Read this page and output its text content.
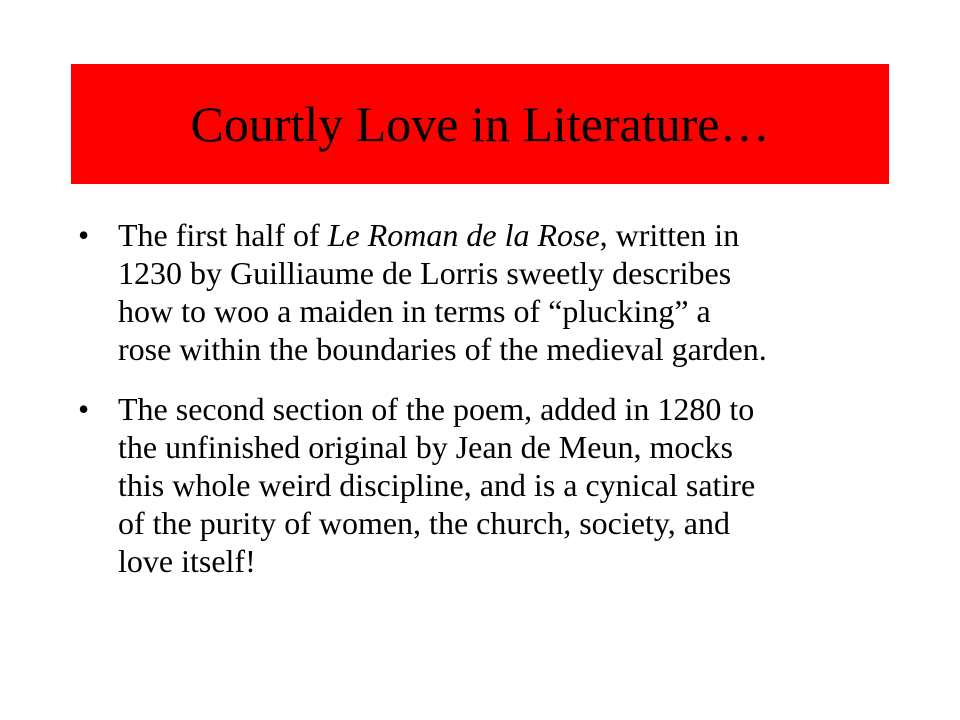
Courtly Love in Literature…
• The first half of Le Roman de la Rose, written in
1230 by Guilliaume de Lorris sweetly describes
how to woo a maiden in terms of “plucking” a
rose within the boundaries of the medieval garden.
• The second section of the poem, added in 1280 to
the unfinished original by Jean de Meun, mocks
this whole weird discipline, and is a cynical satire
of the purity of women, the church, society, and
love itself!
